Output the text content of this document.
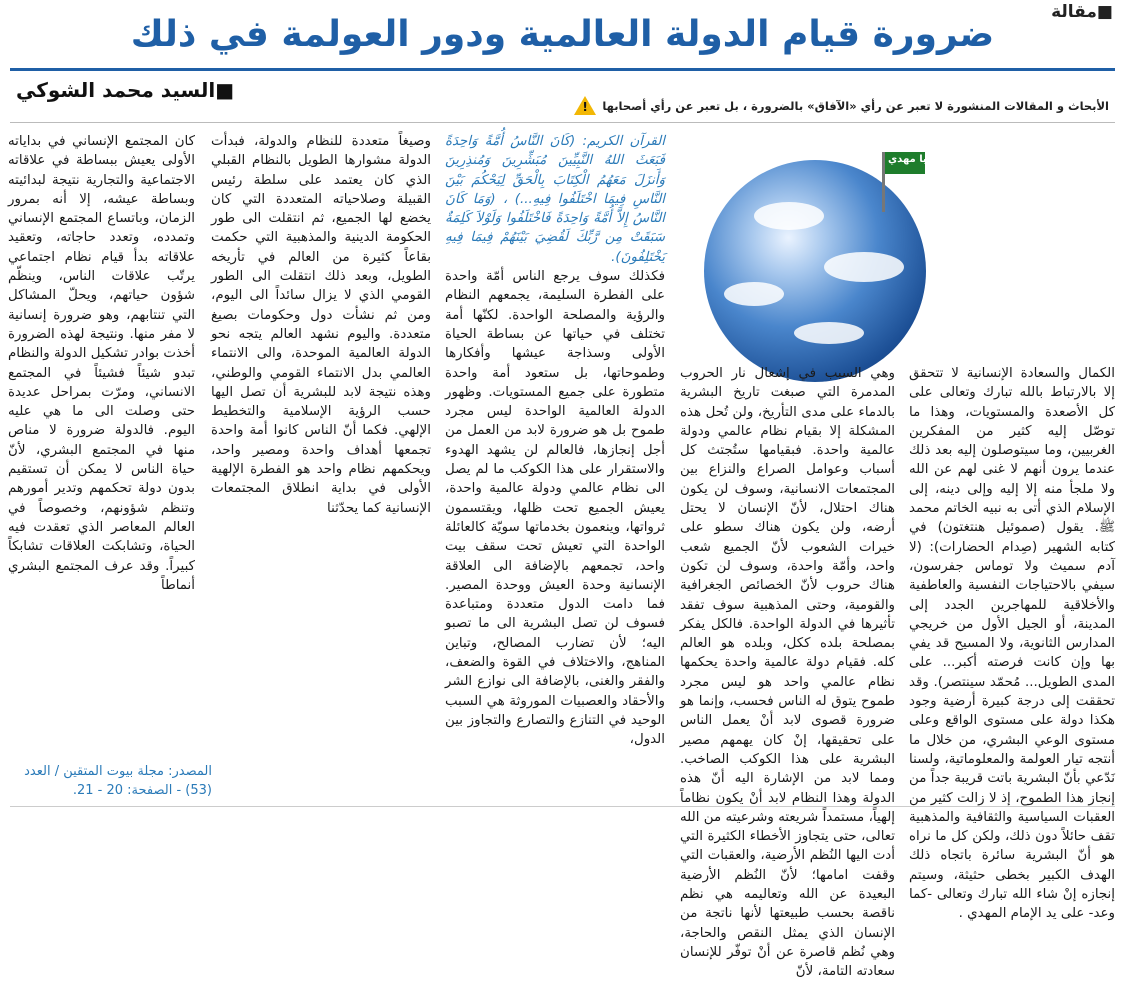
■مقالة
ضرورة قيام الدولة العالمية ودور العولمة في ذلك
■السيد محمد الشوكي
! الأبحاث و المقالات المنشورة لا تعبر عن رأي «الآفاق» بالضرورة ، بل تعبر عن رأي أصحابها
يا مهدي

الكمال والسعادة الإنسانية لا تتحقق إلا بالارتباط بالله تبارك وتعالى على كل الأصعدة والمستويات، وهذا ما توصّل إليه كثير من المفكرين الغربيين، وما سيتوصلون إليه بعد ذلك عندما يرون أنهم لا غنى لهم عن الله ولا ملجأ منه إلا إليه وإلى دينه، إلى الإسلام الذي أتى به نبيه الخاتم محمد ﷺ. يقول (صموئيل هنتغتون) في كتابه الشهير (صِدام الحضارات): (لا آدم سميث ولا توماس جفرسون، سيفي بالاحتياجات النفسية والعاطفية والأخلاقية للمهاجرين الجدد إلى المدينة، أو الجيل الأول من خريجي المدارس الثانوية، ولا المسيح قد يفي بها وإن كانت فرصته أكبر... على المدى الطويل... مُحمّد سينتصر). وقد تحققت إلى درجة كبيرة أرضية وجود هكذا دولة على مستوى الواقع وعلى مستوى الوعي البشري، من خلال ما أنتجه تيار العولمة والمعلوماتية، ولسنا نَدّعي بأنّ البشرية باتت قريبة جداً من إنجاز هذا الطموح، إذ لا زالت كثير من العقبات السياسية والثقافية والمذهبية تقف حائلاً دون ذلك، ولكن كل ما نراه هو أنّ البشرية سائرة باتجاه ذلك الهدف الكبير بخطى حثيثة، وسيتم إنجازه إنْ شاء الله تبارك وتعالى -كما وعد- على يد الإمام المهدي .

وهي السبب في إشعال نار الحروب المدمرة التي صبغت تاريخ البشرية بالدماء على مدى التأريخ، ولن تُحل هذه المشكلة إلا بقيام نظام عالمي ودولة عالمية واحدة. فبقيامها ستُجتث كل أسباب وعوامل الصراع والنزاع بين المجتمعات الانسانية، وسوف لن يكون هناك احتلال، لأنّ الإنسان لا يحتل أرضه، ولن يكون هناك سطو على خيرات الشعوب لأنّ الجميع شعب واحد، وأمّة واحدة، وسوف لن تكون هناك حروب لأنّ الخصائص الجغرافية والقومية، وحتى المذهبية سوف تفقد تأثيرها في الدولة الواحدة. فالكل يفكر بمصلحة بلده ككل، وبلده هو العالم كله. فقيام دولة عالمية واحدة يحكمها نظام عالمي واحد هو ليس مجرد طموح يتوق له الناس فحسب، وإنما هو ضرورة قصوى لابد أنْ يعمل الناس على تحقيقها، إنْ كان يهمهم مصير البشرية على هذا الكوكب الصاخب. ومما لابد من الإشارة اليه أنّ هذه الدولة وهذا النظام لابد أنْ يكون نظاماً إلهياً، مستمداً شريعته وشرعيته من الله تعالى، حتى يتجاوز الأخطاء الكثيرة التي أدت اليها النُظم الأرضية، والعقبات التي وقفت امامها؛ لأنّ النُظم الأرضية البعيدة عن الله وتعاليمه هي نظم ناقصة بحسب طبيعتها لأنها ناتجة من الإنسان الذي يمثل النقص والحاجة، وهي نُظم قاصرة عن أنْ توفّر للإنسان سعادته التامة، لأنّ

القرآن الكريم: (كَانَ النَّاسُ أُمَّةً وَاحِدَةً فَبَعَثَ اللهُ النَّبِيِّينَ مُبَشِّرِينَ وَمُنذِرِينَ وَأَنزَلَ مَعَهُمُ الْكِتَابَ بِالْحَقِّ لِيَحْكُمَ بَيْنَ النَّاسِ فِيمَا اخْتَلَفُوا فِيهِ...) ، (وَمَا كَانَ النَّاسُ إِلاَّ أُمَّةً وَاحِدَةً فَاخْتَلَفُوا وَلَوْلاَ كَلِمَةٌ سَبَقَتْ مِن رَّبِّكَ لَقُضِيَ بَيْنَهُمْ فِيمَا فِيهِ يَخْتَلِفُونَ).

فكذلك سوف يرجع الناس أمّة واحدة على الفطرة السليمة، يجمعهم النظام والرؤية والمصلحة الواحدة. لكنّها أمة تختلف في حياتها عن بساطة الحياة الأولى وسذاجة عيشها وأفكارها وطموحاتها، بل ستعود أمة واحدة متطورة على جميع المستويات. وظهور الدولة العالمية الواحدة ليس مجرد طموح بل هو ضرورة لابد من العمل من أجل إنجازها، فالعالم لن يشهد الهدوء والاستقرار على هذا الكوكب ما لم يصل الى نظام عالمي ودولة عالمية واحدة، يعيش الجميع تحت ظلها، ويقتسمون ثرواتها، وينعمون بخدماتها سويّة كالعائلة الواحدة التي تعيش تحت سقف بيت واحد، تجمعهم بالإضافة الى العلاقة الإنسانية وحدة العيش ووحدة المصير. فما دامت الدول متعددة ومتباعدة فسوف لن تصل البشرية الى ما تصبو اليه؛ لأن تضارب المصالح، وتباين المناهج، والاختلاف في القوة والضعف، والفقر والغنى، بالإضافة الى نوازع الشر والأحقاد والعصبيات الموروثة هي السبب الوحيد في التنازع والتصارع والتجاوز بين الدول،

وصيغاً متعددة للنظام والدولة، فبدأت الدولة مشوارها الطويل بالنظام القبلي الذي كان يعتمد على سلطة رئيس القبيلة وصلاحياته المتعددة التي كان يخضع لها الجميع، ثم انتقلت الى طور الحكومة الدينية والمذهبية التي حكمت بقاعاً كثيرة من العالم في تأريخه الطويل، وبعد ذلك انتقلت الى الطور القومي الذي لا يزال سائداً الى اليوم، ومن ثم نشأت دول وحكومات بصيغ متعددة. واليوم نشهد العالم يتجه نحو الدولة العالمية الموحدة، والى الانتماء العالمي بدل الانتماء القومي والوطني، وهذه نتيجة لابد للبشرية أن تصل اليها حسب الرؤية الإسلامية والتخطيط الإلهي. فكما أنّ الناس كانوا أمة واحدة تجمعها أهداف واحدة ومصير واحد، ويحكمهم نظام واحد هو الفطرة الإلهية الأولى في بداية انطلاق المجتمعات الإنسانية كما يحدّثنا

كان المجتمع الإنساني في بداياته الأولى يعيش ببساطة في علاقاته الاجتماعية والتجارية نتيجة لبدائيته وبساطة عيشه، إلا أنه بمرور الزمان، وباتساع المجتمع الإنساني وتمدده، وتعدد حاجاته، وتعقيد علاقاته بدأ قيام نظام اجتماعي يرتّب علاقات الناس، وينظّم شؤون حياتهم، ويحلّ المشاكل التي تنتابهم، وهو ضرورة إنسانية لا مفر منها. ونتيجة لهذه الضرورة أخذت بوادر تشكيل الدولة والنظام تبدو شيئاً فشيئاً في المجتمع الانساني، ومرّت بمراحل عديدة حتى وصلت الى ما هي عليه اليوم. فالدولة ضرورة لا مناص منها في المجتمع البشري، لأنّ حياة الناس لا يمكن أن تستقيم بدون دولة تحكمهم وتدير أمورهم وتنظم شؤونهم، وخصوصاً في العالم المعاصر الذي تعقدت فيه الحياة، وتشابكت العلاقات تشابكاً كبيراً. وقد عرف المجتمع البشري أنماطاً

المصدر: مجلة بيوت المتقين / العدد (53) - الصفحة: 20 - 21.
